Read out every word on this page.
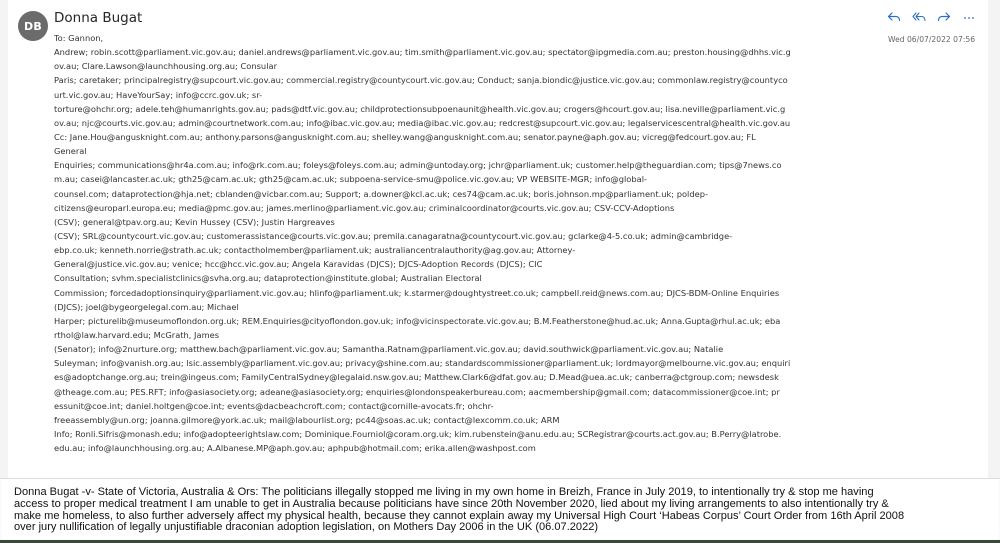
DB Donna Bugat
Wed 06/07/2022 07:56
To: Gannon,
Andrew; robin.scott@parliament.vic.gov.au; daniel.andrews@parliament.vic.gov.au; tim.smith@parliament.vic.gov.au; spectator@ipgmedia.com.au; preston.housing@dhhs.vic.g
ov.au; Clare.Lawson@launchhousing.org.au; Consular
Paris; caretaker; principalregistry@supcourt.vic.gov.au; commercial.registry@countycourt.vic.gov.au; Conduct; sanja.biondic@justice.vic.gov.au; commonlaw.registry@countyco
urt.vic.gov.au; HaveYourSay; info@ccrc.gov.uk; sr-
torture@ohchr.org; adele.teh@humanrights.gov.au; pads@dtf.vic.gov.au; childprotectionsubpoenaunit@health.vic.gov.au; crogers@hcourt.gov.au; lisa.neville@parliament.vic.g
ov.au; njc@courts.vic.gov.au; admin@courtnetwork.com.au; info@ibac.vic.gov.au; media@ibac.vic.gov.au; redcrest@supcourt.vic.gov.au; legalservicescentral@health.vic.gov.au
Cc: Jane.Hou@angusknight.com.au; anthony.parsons@angusknight.com.au; shelley.wang@angusknight.com.au; senator.payne@aph.gov.au; vicreg@fedcourt.gov.au; FL
General
Enquiries; communications@hr4a.com.au; info@rk.com.au; foleys@foleys.com.au; admin@untoday.org; jchr@parliament.uk; customer.help@theguardian.com; tips@7news.co
m.au; casei@lancaster.ac.uk; gth25@cam.ac.uk; gth25@cam.ac.uk; subpoena-service-smu@police.vic.gov.au; VP WEBSITE-MGR; info@global-
counsel.com; dataprotection@hja.net; cblanden@vicbar.com.au; Support; a.downer@kcl.ac.uk; ces74@cam.ac.uk; boris.johnson.mp@parliament.uk; poldep-
citizens@europarl.europa.eu; media@pmc.gov.au; james.merlino@parliament.vic.gov.au; criminalcoordinator@courts.vic.gov.au; CSV-CCV-Adoptions
(CSV); general@tpav.org.au; Kevin Hussey (CSV); Justin Hargreaves
(CSV); SRL@countycourt.vic.gov.au; customerassistance@courts.vic.gov.au; premila.canagaratna@countycourt.vic.gov.au; gclarke@4-5.co.uk; admin@cambridge-
ebp.co.uk; kenneth.norrie@strath.ac.uk; contactholmember@parliament.uk; australiancentralauthority@ag.gov.au; Attorney-
General@justice.vic.gov.au; venice; hcc@hcc.vic.gov.au; Angela Karavidas (DJCS); DJCS-Adoption Records (DJCS); CIC
Consultation; svhm.specialistclinics@svha.org.au; dataprotection@institute.global; Australian Electoral
Commission; forcedadoptionsinquiry@parliament.vic.gov.au; hlinfo@parliament.uk; k.starmer@doughtystreet.co.uk; campbell.reid@news.com.au; DJCS-BDM-Online Enquiries
(DJCS); joel@bygeorgelegal.com.au; Michael
Harper; picturelib@museumoflondon.org.uk; REM.Enquiries@cityoflondon.gov.uk; info@vicinspectorate.vic.gov.au; B.M.Featherstone@hud.ac.uk; Anna.Gupta@rhul.ac.uk; eba
rthol@law.harvard.edu; McGrath, James
(Senator); info@2nurture.org; matthew.bach@parliament.vic.gov.au; Samantha.Ratnam@parliament.vic.gov.au; david.southwick@parliament.vic.gov.au; Natalie
Suleyman; info@vanish.org.au; lsic.assembly@parliament.vic.gov.au; privacy@shine.com.au; standardscommissioner@parliament.uk; lordmayor@melbourne.vic.gov.au; enquiri
es@adoptchange.org.au; trein@ingeus.com; FamilyCentralSydney@legalaid.nsw.gov.au; Matthew.Clark6@dfat.gov.au; D.Mead@uea.ac.uk; canberra@ctgroup.com; newsdesk
@theage.com.au; PES.RFT; info@asiasociety.org; adeane@asiasociety.org; enquiries@londonspeakerbureau.com; aacmembership@gmail.com; datacommissioner@coe.int; pr
essunit@coe.int; daniel.holtgen@coe.int; events@dacbeachcroft.com; contact@cornille-avocats.fr; ohchr-
freeassembly@un.org; joanna.gilmore@york.ac.uk; mail@labourlist.org; pc44@soas.ac.uk; contact@lexcomm.co.uk; ARM
Info; Ronli.Sifris@monash.edu; info@adopteerightslaw.com; Dominique.Fourniol@coram.org.uk; kim.rubenstein@anu.edu.au; SCRegistrar@courts.act.gov.au; B.Perry@latrobe.
edu.au; info@launchhousing.org.au; A.Albanese.MP@aph.gov.au; aphpub@hotmail.com; erika.allen@washpost.com
Donna Bugat -v- State of Victoria, Australia & Ors: The politicians illegally stopped me living in my own home in Breizh, France in July 2019, to intentionally try & stop me having
access to proper medical treatment I am unable to get in Australia because politicians have since 20th November 2020, lied about my living arrangements to also intentionally try &
make me homeless, to also further adversely affect my physical health, because they cannot explain away my Universal High Court ‘Habeas Corpus’ Court Order from 16th April 2008
over jury nullification of legally unjustifiable draconian adoption legislation, on Mothers Day 2006 in the UK (06.07.2022)
